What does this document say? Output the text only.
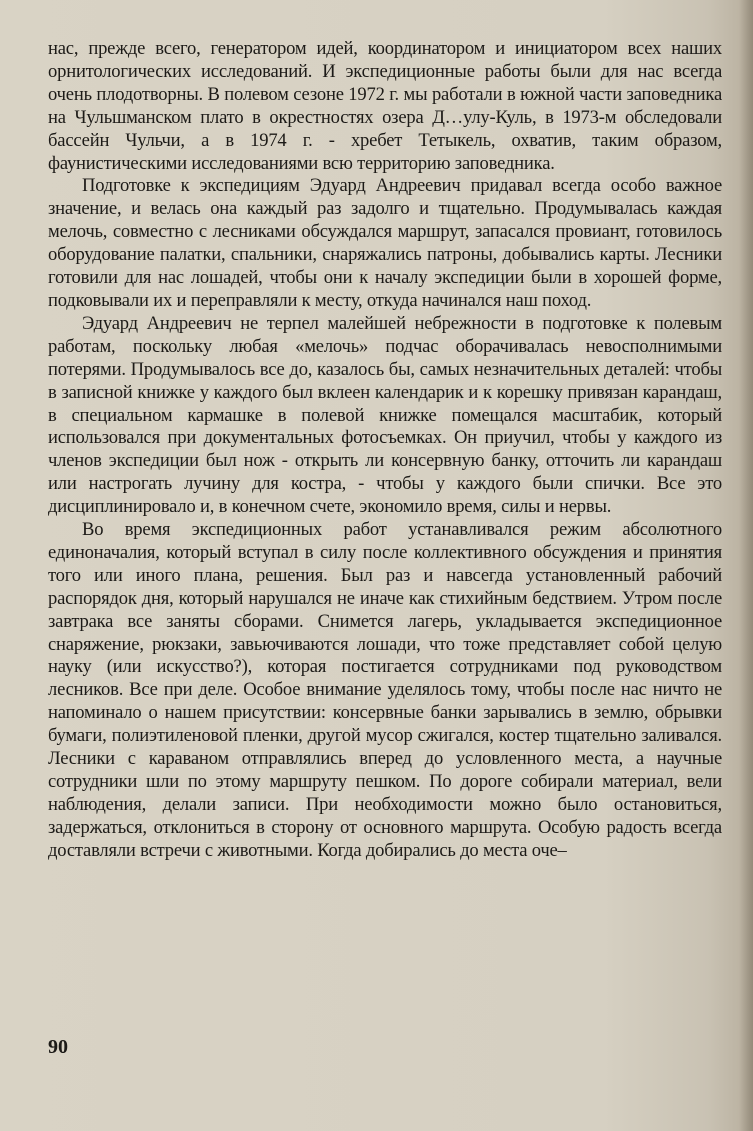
нас, прежде всего, генератором идей, координатором и инициатором всех наших орнитологических исследований. И экспедиционные работы были для нас всегда очень плодотворны. В полевом сезоне 1972 г. мы работали в южной части заповедника на Чульшманском плато в окрестностях озера Д…улу-Куль, в 1973-м обследовали бассейн Чульчи, а в 1974 г. - хребет Тетыкель, охватив, таким образом, фаунистическими исследованиями всю территорию заповедника.

Подготовке к экспедициям Эдуард Андреевич придавал всегда особо важное значение, и велась она каждый раз задолго и тщательно. Продумывалась каждая мелочь, совместно с лесниками обсуждался маршрут, запасался провиант, готовилось оборудование палатки, спальники, снаряжались патроны, добывались карты. Лесники готовили для нас лошадей, чтобы они к началу экспедиции были в хорошей форме, подковывали их и переправляли к месту, откуда начинался наш поход.

Эдуард Андреевич не терпел малейшей небрежности в подготовке к полевым работам, поскольку любая «мелочь» подчас оборачивалась невосполнимыми потерями. Продумывалось все до, казалось бы, самых незначительных деталей: чтобы в записной книжке у каждого был вклеен календарик и к корешку привязан карандаш, в специальном кармашке в полевой книжке помещался масштабик, который использовался при документальных фотосъемках. Он приучил, чтобы у каждого из членов экспедиции был нож - открыть ли консервную банку, отточить ли карандаш или настрогать лучину для костра, - чтобы у каждого были спички. Все это дисциплинировало и, в конечном счете, экономило время, силы и нервы.

Во время экспедиционных работ устанавливался режим абсолютного единоначалия, который вступал в силу после коллективного обсуждения и принятия того или иного плана, решения. Был раз и навсегда установленный рабочий распорядок дня, который нарушался не иначе как стихийным бедствием. Утром после завтрака все заняты сборами. Снимется лагерь, укладывается экспедиционное снаряжение, рюкзаки, завьючиваются лошади, что тоже представляет собой целую науку (или искусство?), которая постигается сотрудниками под руководством лесников. Все при деле. Особое внимание уделялось тому, чтобы после нас ничто не напоминало о нашем присутствии: консервные банки зарывались в землю, обрывки бумаги, полиэтиленовой пленки, другой мусор сжигался, костер тщательно заливался. Лесники с караваном отправлялись вперед до условленного места, а научные сотрудники шли по этому маршруту пешком. По дороге собирали материал, вели наблюдения, делали записи. При необходимости можно было остановиться, задержаться, отклониться в сторону от основного маршрута. Особую радость всегда доставляли встречи с животными. Когда добирались до места оче–

90
